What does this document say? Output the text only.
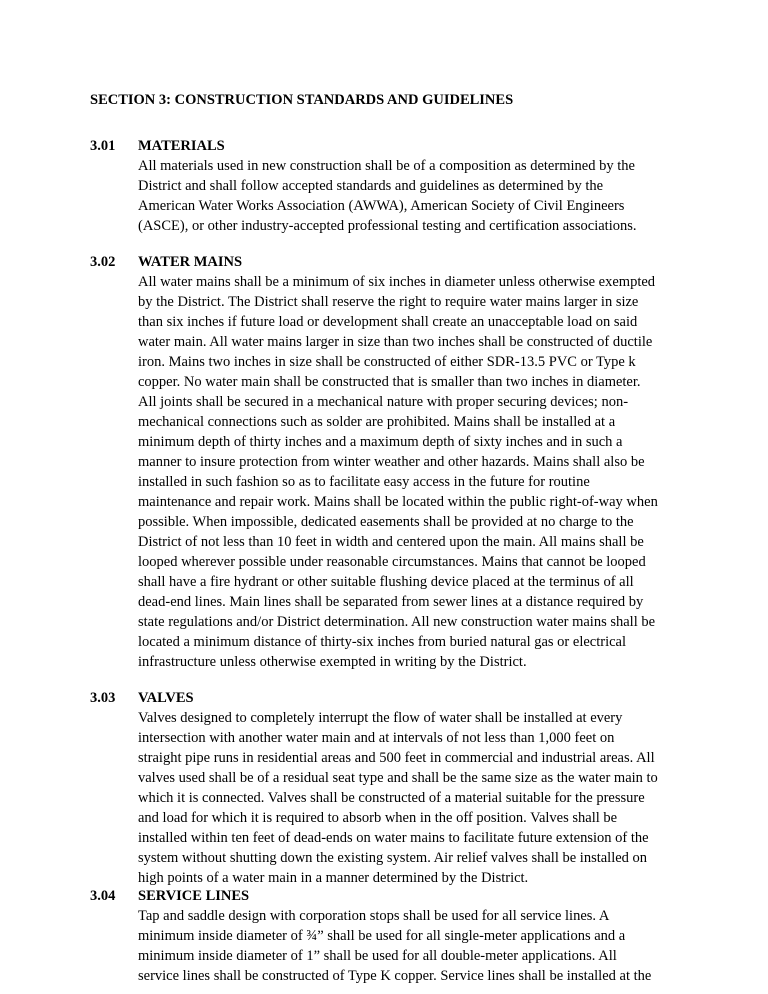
SECTION 3: CONSTRUCTION STANDARDS AND GUIDELINES
3.01 MATERIALS
All materials used in new construction shall be of a composition as determined by the
District and shall follow accepted standards and guidelines as determined by the
American Water Works Association (AWWA), American Society of Civil Engineers
(ASCE), or other industry-accepted professional testing and certification associations.
3.02 WATER MAINS
All water mains shall be a minimum of six inches in diameter unless otherwise exempted
by the District. The District shall reserve the right to require water mains larger in size
than six inches if future load or development shall create an unacceptable load on said
water main. All water mains larger in size than two inches shall be constructed of ductile
iron. Mains two inches in size shall be constructed of either SDR-13.5 PVC or Type k
copper. No water main shall be constructed that is smaller than two inches in diameter.
All joints shall be secured in a mechanical nature with proper securing devices; non-
mechanical connections such as solder are prohibited. Mains shall be installed at a
minimum depth of thirty inches and a maximum depth of sixty inches and in such a
manner to insure protection from winter weather and other hazards. Mains shall also be
installed in such fashion so as to facilitate easy access in the future for routine
maintenance and repair work. Mains shall be located within the public right-of-way when
possible. When impossible, dedicated easements shall be provided at no charge to the
District of not less than 10 feet in width and centered upon the main. All mains shall be
looped wherever possible under reasonable circumstances. Mains that cannot be looped
shall have a fire hydrant or other suitable flushing device placed at the terminus of all
dead-end lines. Main lines shall be separated from sewer lines at a distance required by
state regulations and/or District determination. All new construction water mains shall be
located a minimum distance of thirty-six inches from buried natural gas or electrical
infrastructure unless otherwise exempted in writing by the District.
3.03 VALVES
Valves designed to completely interrupt the flow of water shall be installed at every
intersection with another water main and at intervals of not less than 1,000 feet on
straight pipe runs in residential areas and 500 feet in commercial and industrial areas. All
valves used shall be of a residual seat type and shall be the same size as the water main to
which it is connected. Valves shall be constructed of a material suitable for the pressure
and load for which it is required to absorb when in the off position. Valves shall be
installed within ten feet of dead-ends on water mains to facilitate future extension of the
system without shutting down the existing system. Air relief valves shall be installed on
high points of a water main in a manner determined by the District.
3.04 SERVICE LINES
Tap and saddle design with corporation stops shall be used for all service lines. A
minimum inside diameter of ¾” shall be used for all single-meter applications and a
minimum inside diameter of 1” shall be used for all double-meter applications. All
service lines shall be constructed of Type K copper. Service lines shall be installed at the
